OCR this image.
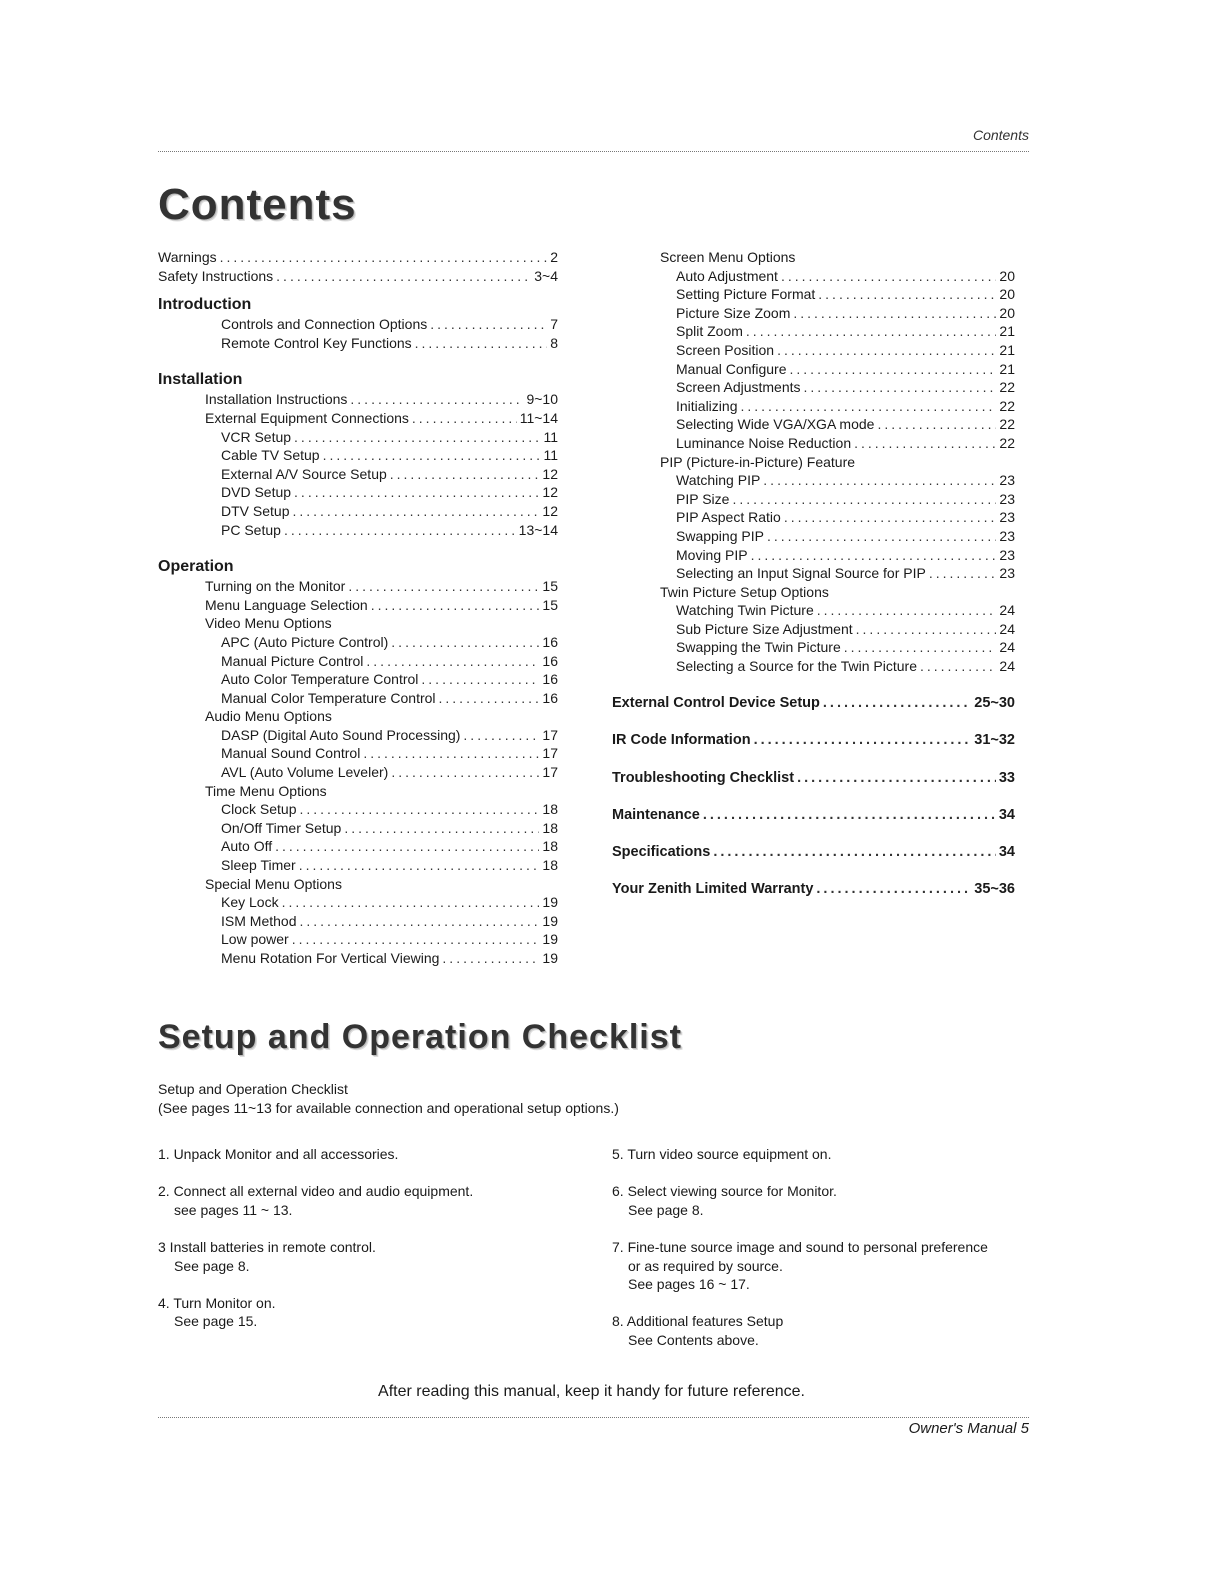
Contents
Contents
Warnings .....	2
Safety Instructions .....	3~4
Introduction
Controls and Connection Options .....	7
Remote Control Key Functions .....	8
Installation
Installation Instructions .....	9~10
External Equipment Connections .....	11~14
VCR Setup .....	11
Cable TV Setup .....	11
External A/V Source Setup .....	12
DVD Setup .....	12
DTV Setup .....	12
PC Setup .....	13~14
Operation
Turning on the Monitor .....	15
Menu Language Selection .....	15
Video Menu Options
APC (Auto Picture Control) .....	16
Manual Picture Control .....	16
Auto Color Temperature Control .....	16
Manual Color Temperature Control .....	16
Audio Menu Options
DASP (Digital Auto Sound Processing) .....	17
Manual Sound Control .....	17
AVL (Auto Volume Leveler) .....	17
Time Menu Options
Clock Setup .....	18
On/Off Timer Setup .....	18
Auto Off .....	18
Sleep Timer .....	18
Special Menu Options
Key Lock .....	19
ISM Method .....	19
Low power .....	19
Menu Rotation For Vertical Viewing .....	19
Screen Menu Options
Auto Adjustment .....	20
Setting Picture Format .....	20
Picture Size Zoom .....	20
Split Zoom .....	21
Screen Position .....	21
Manual Configure .....	21
Screen Adjustments .....	22
Initializing .....	22
Selecting Wide VGA/XGA mode .....	22
Luminance Noise Reduction .....	22
PIP (Picture-in-Picture) Feature
Watching PIP .....	23
PIP Size .....	23
PIP Aspect Ratio .....	23
Swapping PIP .....	23
Moving PIP .....	23
Selecting an Input Signal Source for PIP .....	23
Twin Picture Setup Options
Watching Twin Picture .....	24
Sub Picture Size Adjustment .....	24
Swapping the Twin Picture .....	24
Selecting a Source for the Twin Picture .....	24
External Control Device Setup .....	25~30
IR Code Information .....	31~32
Troubleshooting Checklist .....	33
Maintenance .....	34
Specifications .....	34
Your Zenith Limited Warranty .....	35~36
Setup and Operation Checklist
Setup and Operation Checklist
(See pages 11~13 for available connection and operational setup options.)
1. Unpack Monitor and all accessories.
2. Connect all external video and audio equipment.
see pages 11 ~ 13.
3 Install batteries in remote control.
See page 8.
4. Turn Monitor on.
See page 15.
5. Turn video source equipment on.
6. Select viewing source for Monitor.
See page 8.
7. Fine-tune source image and sound to personal preference
or as required by source.
See pages 16 ~ 17.
8. Additional features Setup
See Contents above.
After reading this manual, keep it handy for future reference.
Owner's Manual 5
